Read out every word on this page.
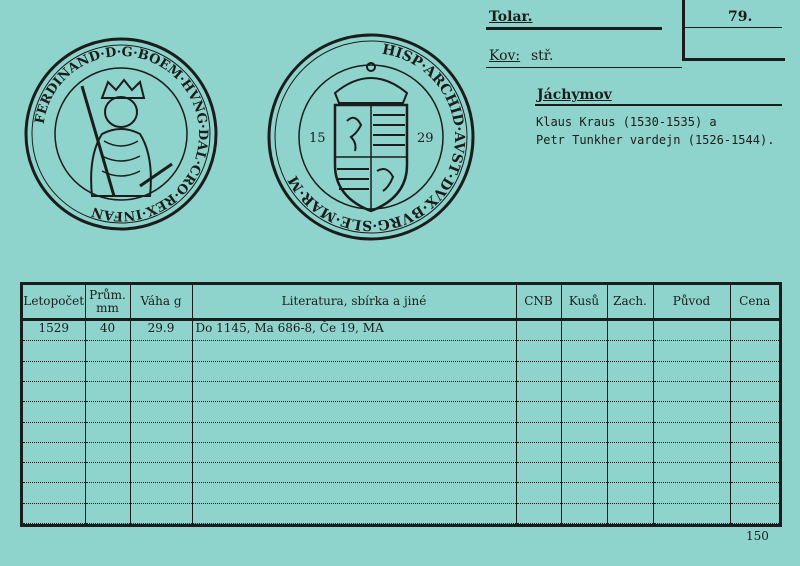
FERDINAND·D·G·BOEM·HVNG·DAL·CRO·REX·INFAN
HISP·ARCHID·AVST·DVX·BVRG·SLE·MAR·M
15	29
Tolar.	79.
Kov: stř.
Jáchymov
Klaus Kraus (1530-1535) a
Petr Tunkher vardejn (1526-1544).
Letopočet	Prům. mm	Váha g	Literatura, sbírka a jiné	CNB	Kusů	Zach.	Původ	Cena
1529	40	29.9	Do 1145, Ma 686-8, Če 19, MA					

150
